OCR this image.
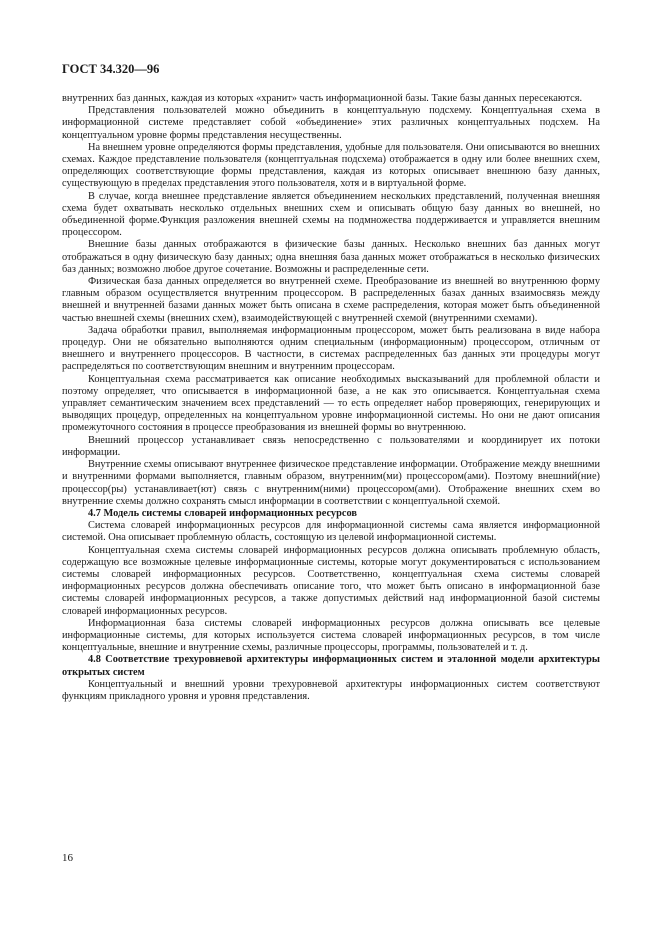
ГОСТ 34.320—96

внутренних баз данных, каждая из которых «хранит» часть информационной базы. Такие базы данных пересекаются.

Представления пользователей можно объединить в концептуальную подсхему. Концептуальная схема в информационной системе представляет собой «объединение» этих различных концептуальных подсхем. На концептуальном уровне формы представления несущественны.

На внешнем уровне определяются формы представления, удобные для пользователя. Они описываются во внешних схемах. Каждое представление пользователя (концептуальная подсхема) отображается в одну или более внешних схем, определяющих соответствующие формы представления, каждая из которых описывает внешнюю базу данных, существующую в пределах представления этого пользователя, хотя и в виртуальной форме.

В случае, когда внешнее представление является объединением нескольких представлений, полученная внешняя схема будет охватывать несколько отдельных внешних схем и описывать общую базу данных во внешней, но объединенной форме.Функция разложения внешней схемы на подмножества поддерживается и управляется внешним процессором.

Внешние базы данных отображаются в физические базы данных. Несколько внешних баз данных могут отображаться в одну физическую базу данных; одна внешняя база данных может отображаться в несколько физических баз данных; возможно любое другое сочетание. Возможны и распределенные сети.

Физическая база данных определяется во внутренней схеме. Преобразование из внешней во внутреннюю форму главным образом осуществляется внутренним процессором. В распределенных базах данных взаимосвязь между внешней и внутренней базами данных может быть описана в схеме распределения, которая может быть объединенной частью внешней схемы (внешних схем), взаимодействующей с внутренней схемой (внутренними схемами).

Задача обработки правил, выполняемая информационным процессором, может быть реализована в виде набора процедур. Они не обязательно выполняются одним специальным (информационным) процессором, отличным от внешнего и внутреннего процессоров. В частности, в системах распределенных баз данных эти процедуры могут распределяться по соответствующим внешним и внутренним процессорам.

Концептуальная схема рассматривается как описание необходимых высказываний для проблемной области и поэтому определяет, что описывается в информационной базе, а не как это описывается. Концептуальная схема управляет семантическим значением всех представлений — то есть определяет набор проверяющих, генерирующих и выводящих процедур, определенных на концептуальном уровне информационной системы. Но они не дают описания промежуточного состояния в процессе преобразования из внешней формы во внутреннюю.

Внешний процессор устанавливает связь непосредственно с пользователями и координирует их потоки информации.

Внутренние схемы описывают внутреннее физическое представление информации. Отображение между внешними и внутренними формами выполняется, главным образом, внутренним(ми) процессором(ами). Поэтому внешний(ние) процессор(ры) устанавливает(ют) связь с внутренним(ними) процессором(ами). Отображение внешних схем во внутренние схемы должно сохранять смысл информации в соответствии с концептуальной схемой.

4.7 Модель системы словарей информационных ресурсов

Система словарей информационных ресурсов для информационной системы сама является информационной системой. Она описывает проблемную область, состоящую из целевой информационной системы.

Концептуальная схема системы словарей информационных ресурсов должна описывать проблемную область, содержащую все возможные целевые информационные системы, которые могут документироваться с использованием системы словарей информационных ресурсов. Соответственно, концептуальная схема системы словарей информационных ресурсов должна обеспечивать описание того, что может быть описано в информационной базе системы словарей информационных ресурсов, а также допустимых действий над информационной базой системы словарей информационных ресурсов.

Информационная база системы словарей информационных ресурсов должна описывать все целевые информационные системы, для которых используется система словарей информационных ресурсов, в том числе концептуальные, внешние и внутренние схемы, различные процессоры, программы, пользователей и т. д.

4.8 Соответствие трехуровневой архитектуры информационных систем и эталонной модели архитектуры открытых систем

Концептуальный и внешний уровни трехуровневой архитектуры информационных систем соответствуют функциям прикладного уровня и уровня представления.

16
